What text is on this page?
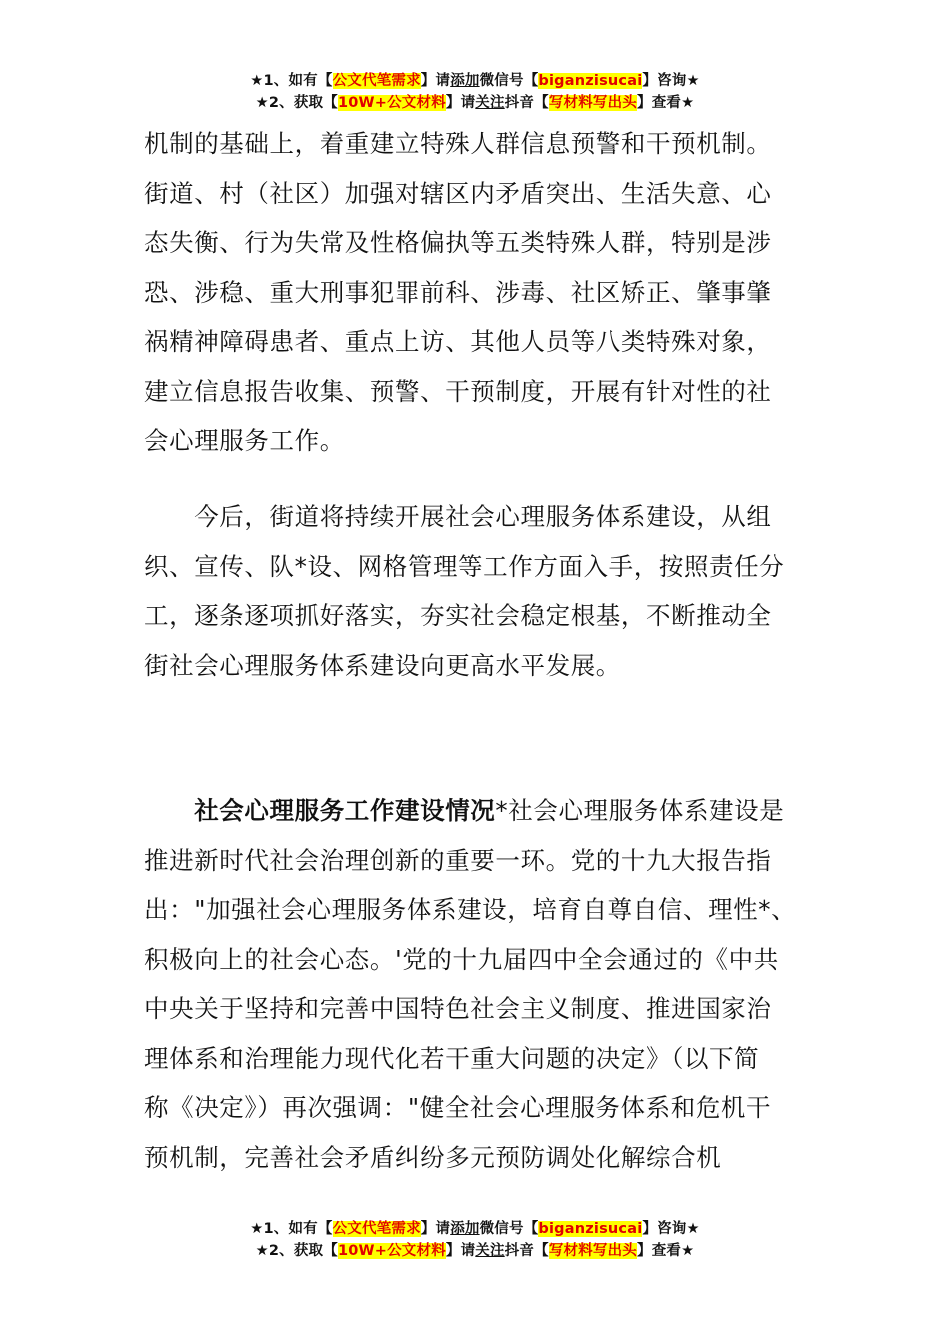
★1、如有【公文代笔需求】请添加微信号【biganzisucai】咨询★
★2、获取【10W+公文材料】请关注抖音【写材料写出头】查看★
机制的基础上，着重建立特殊人群信息预警和干预机制。
街道、村（社区）加强对辖区内矛盾突出、生活失意、心
态失衡、行为失常及性格偏执等五类特殊人群，特别是涉
恐、涉稳、重大刑事犯罪前科、涉毒、社区矫正、肇事肇
祸精神障碍患者、重点上访、其他人员等八类特殊对象，
建立信息报告收集、预警、干预制度，开展有针对性的社
会心理服务工作。
　　今后，街道将持续开展社会心理服务体系建设，从组
织、宣传、队*设、网格管理等工作方面入手，按照责任分
工，逐条逐项抓好落实，夯实社会稳定根基，不断推动全
街社会心理服务体系建设向更高水平发展。
　　社会心理服务工作建设情况*社会心理服务体系建设是
推进新时代社会治理创新的重要一环。党的十九大报告指
出："加强社会心理服务体系建设，培育自尊自信、理性*、
积极向上的社会心态。'党的十九届四中全会通过的《中共
中央关于坚持和完善中国特色社会主义制度、推进国家治
理体系和治理能力现代化若干重大问题的决定》（以下简
称《决定》）再次强调："健全社会心理服务体系和危机干
预机制，完善社会矛盾纠纷多元预防调处化解综合机
★1、如有【公文代笔需求】请添加微信号【biganzisucai】咨询★
★2、获取【10W+公文材料】请关注抖音【写材料写出头】查看★
